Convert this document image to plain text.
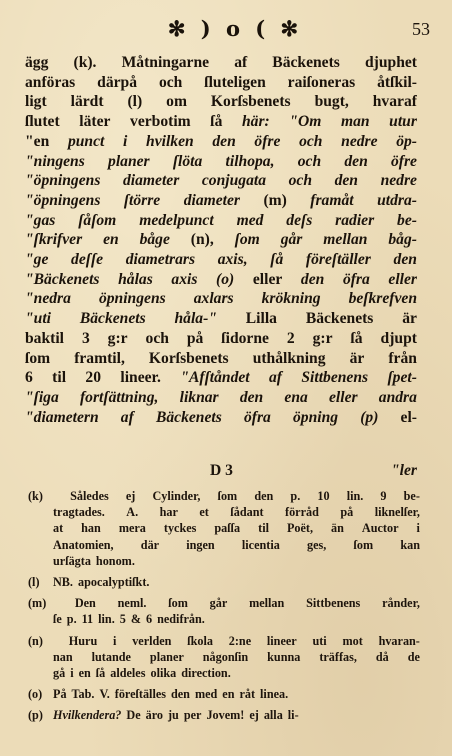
✻ ) o ( ✻	53
ägg (k). Måtningarne af Bäckenets djuphet
anföras därpå och ſluteligen raiſoneras åtſkil-
ligt lärdt (l) om Korſsbenets bugt, hvaraf
ſlutet läter verbotim ſå här: "Om man utur
"en punct i hvilken den öfre och nedre öp-
"ningens planer ſlöta tilhopa, och den öfre
"öpningens diameter conjugata och den nedre
"öpningens ſtörre diameter (m) framåt utdra-
"gas ſåſom medelpunct med deſs radier be-
"ſkrifver en båge (n), ſom går mellan båg-
"ge deſſe diametrars axis, ſå föreſtäller den
"Bäckenets hålas axis (o) eller den öfra eller
"nedra öpningens axlars krökning beſkrefven
"uti Bäckenets håla-" Lilla Bäckenets är
baktil 3 g:r och på ſidorne 2 g:r ſå djupt
ſom framtil, Korſsbenets uthålkning är från
6 til 20 lineer. "Afſtåndet af Sittbenens ſpet-
"ſiga fortſättning, liknar den ena eller andra
"diametern af Bäckenets öfra öpning (p) el-
D 3	"ler
(k)	Således ej Cylinder, ſom den p. 10 lin. 9 be-
tragtades. A. har et ſådant förråd på liknelſer,
at han mera tyckes paſſa til Poët, än Auctor i
Anatomien, där ingen licentia ges, ſom kan
urſägta honom.
(l)	NB. apocalyptiſkt.
(m)	Den neml. ſom går mellan Sittbenens rånder,
ſe p. 11 lin. 5 & 6 nedifrån.
(n)	Huru i verlden ſkola 2:ne lineer uti mot hvaran-
nan lutande planer någonſin kunna träffas, då de
gå i en ſå aldeles olika direction.
(o) På Tab. V. föreſtälles den med en råt linea.
(p) Hvilkendera? De äro ju per Jovem! ej alla li-
